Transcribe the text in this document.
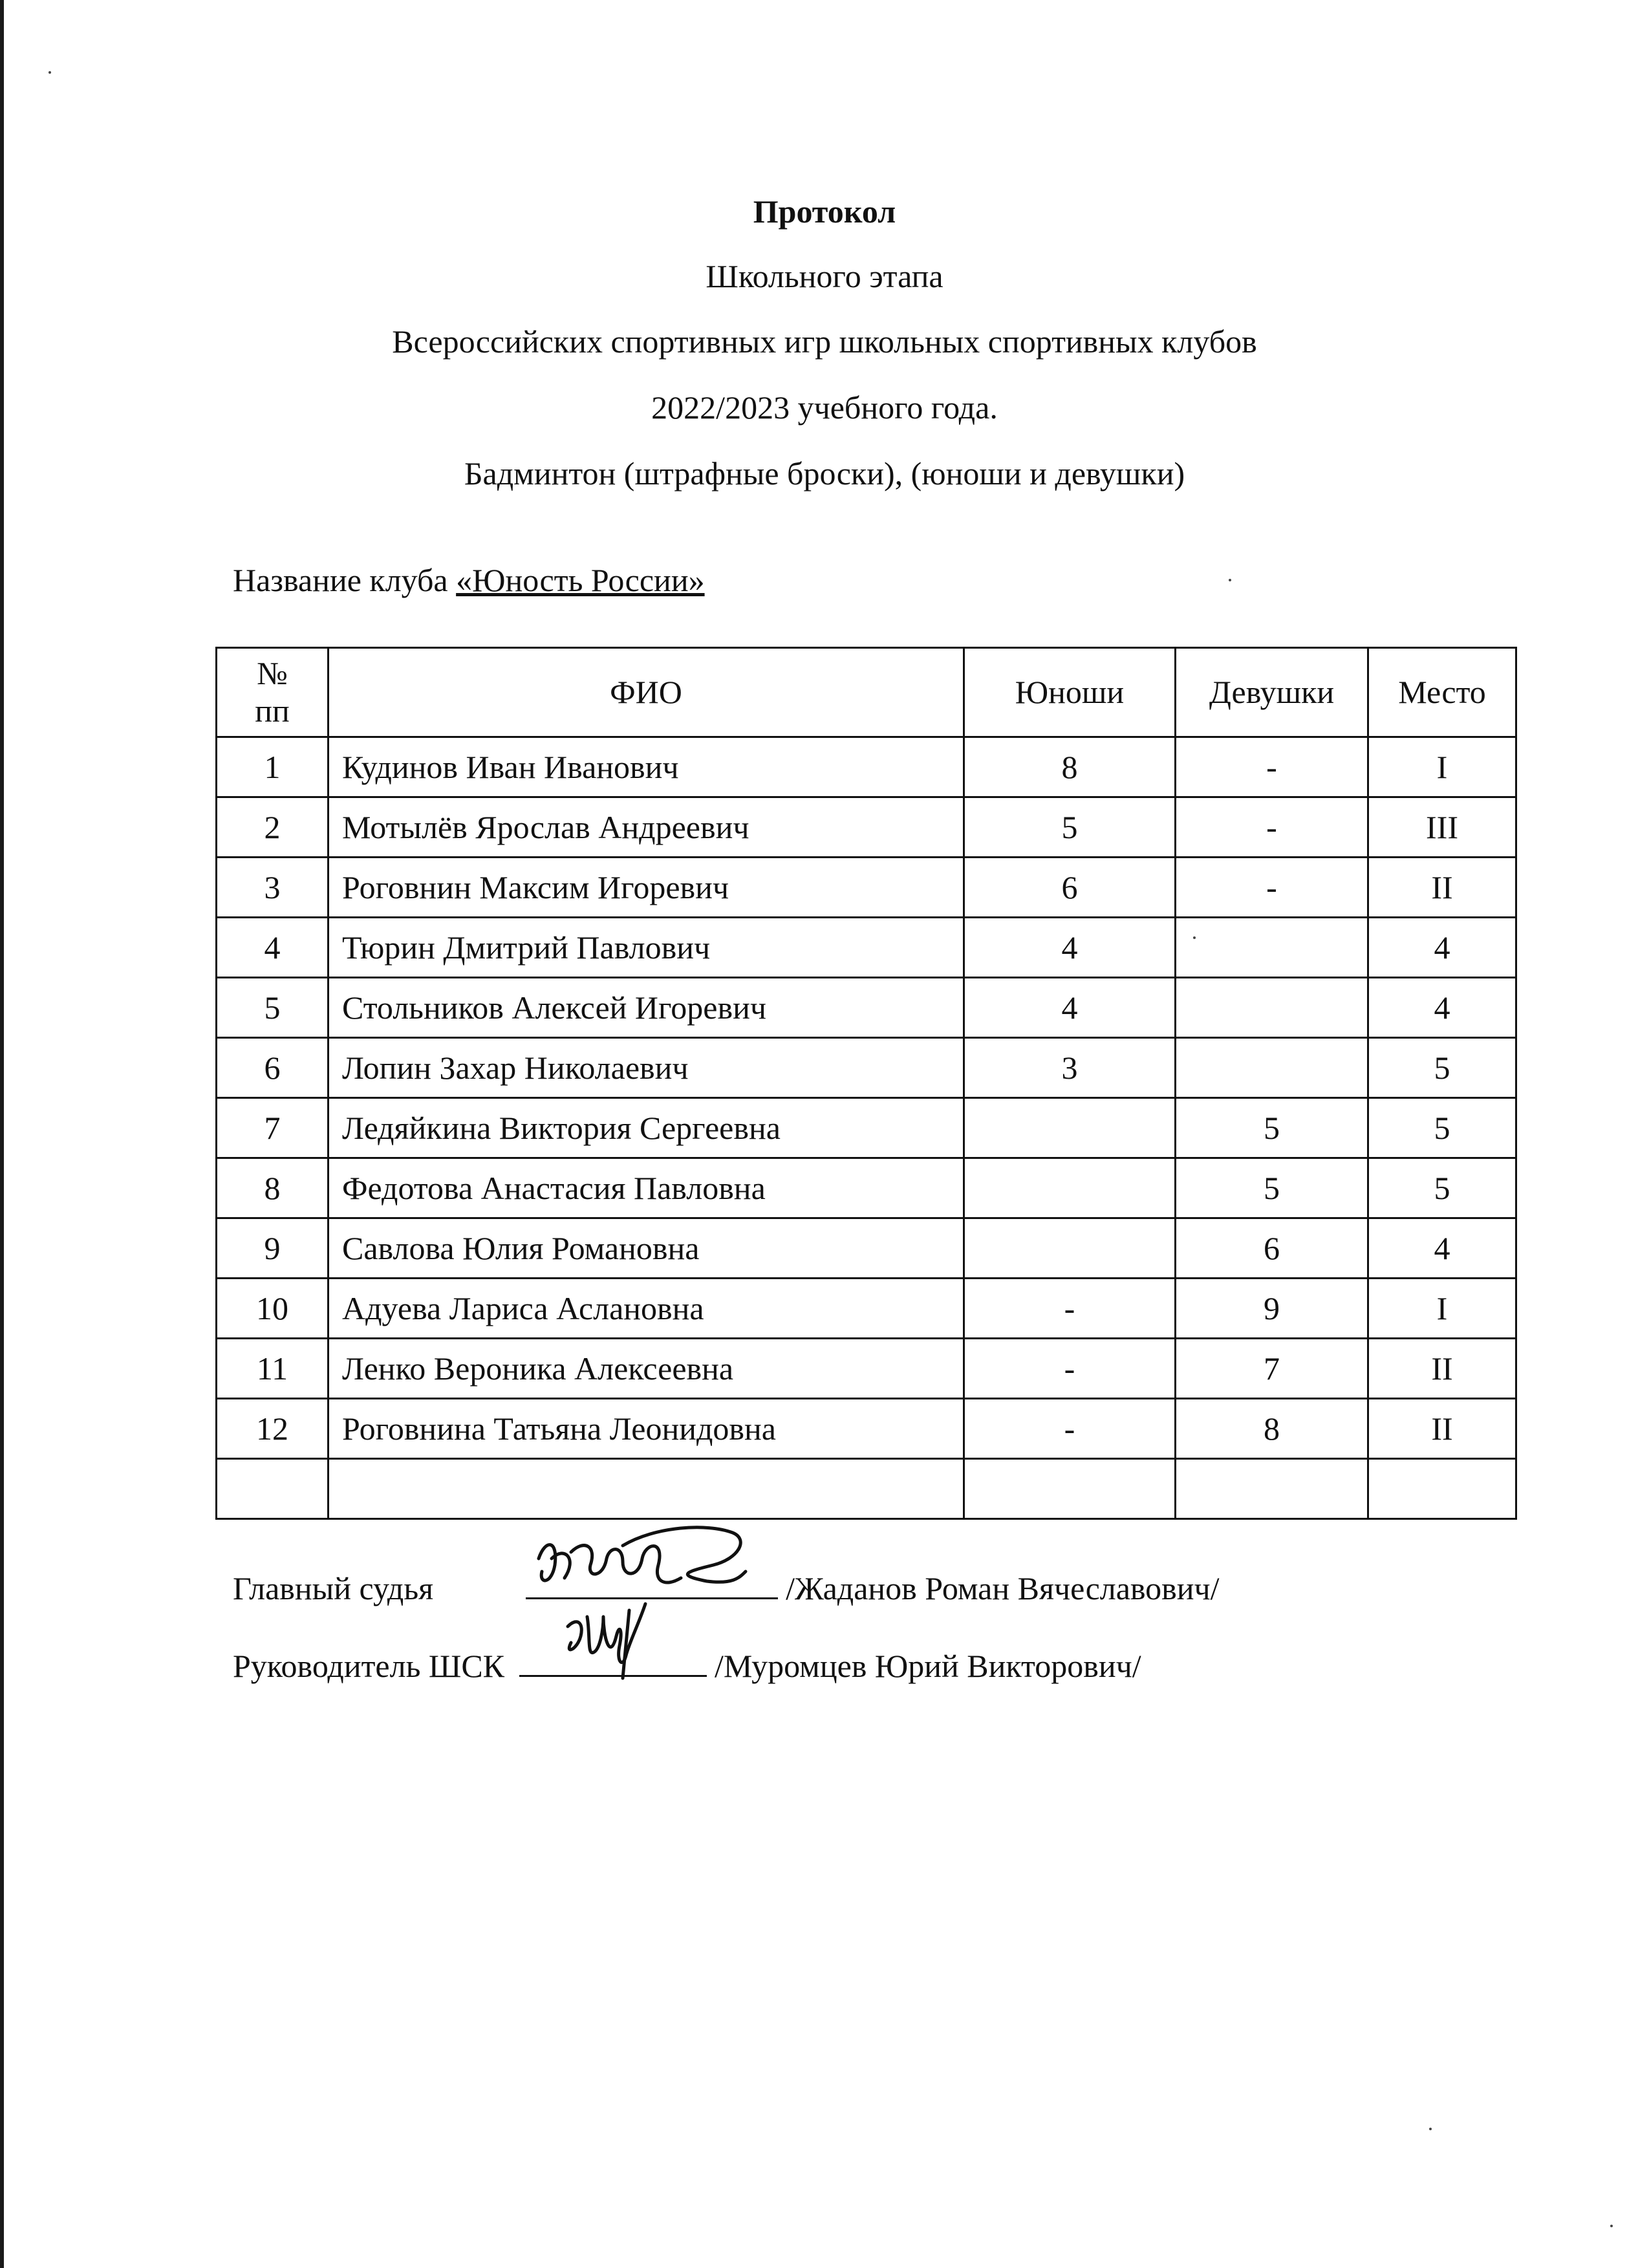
Протокол
Школьного этапа
Всероссийских спортивных игр школьных спортивных клубов
2022/2023 учебного года.
Бадминтон (штрафные броски), (юноши и девушки)
Название клуба «Юность России»
№
пп	ФИО	Юноши	Девушки	Место
1	Кудинов Иван Иванович	8	-	I
2	Мотылёв Ярослав Андреевич	5	-	III
3	Роговнин Максим Игоревич	6	-	II
4	Тюрин Дмитрий Павлович	4		4
5	Стольников Алексей Игоревич	4		4
6	Лопин Захар Николаевич	3		5
7	Ледяйкина Виктория Сергеевна		5	5
8	Федотова Анастасия Павловна		5	5
9	Савлова Юлия Романовна		6	4
10	Адуева Лариса Аслановна	-	9	I
11	Ленко Вероника Алексеевна	-	7	II
12	Роговнина Татьяна Леонидовна	-	8	II

Главный судья	/Жаданов Роман Вячеславович/
Руководитель ШСК	/Муромцев Юрий Викторович/
